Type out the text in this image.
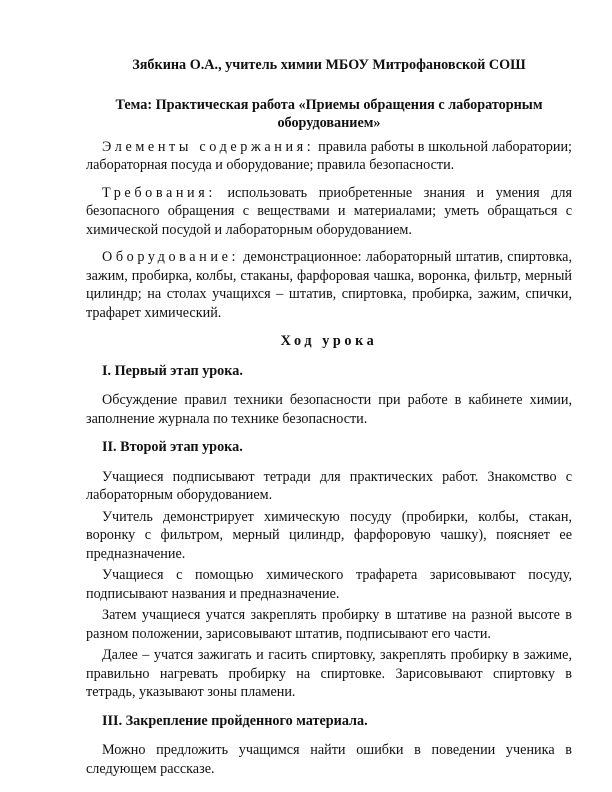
Зябкина О.А., учитель химии МБОУ Митрофановской СОШ
Тема: Практическая работа «Приемы обращения с лабораторным оборудованием»

Элементы содержания: правила работы в школьной лаборатории; лабораторная посуда и оборудование; правила безопасности.

Требования: использовать приобретенные знания и умения для безопасного обращения с веществами и материалами; уметь обращаться с химической посудой и лабораторным оборудованием.

Оборудование: демонстрационное: лабораторный штатив, спиртовка, зажим, пробирка, колбы, стаканы, фарфоровая чашка, воронка, фильтр, мерный цилиндр; на столах учащихся – штатив, спиртовка, пробирка, зажим, спички, трафарет химический.

Ход урока
I. Первый этап урока.

Обсуждение правил техники безопасности при работе в кабинете химии, заполнение журнала по технике безопасности.

II. Второй этап урока.

Учащиеся подписывают тетради для практических работ. Знакомство с лабораторным оборудованием.

Учитель демонстрирует химическую посуду (пробирки, колбы, стакан, воронку с фильтром, мерный цилиндр, фарфоровую чашку), поясняет ее предназначение.

Учащиеся с помощью химического трафарета зарисовывают посуду, подписывают названия и предназначение.

Затем учащиеся учатся закреплять пробирку в штативе на разной высоте в разном положении, зарисовывают штатив, подписывают его части.

Далее – учатся зажигать и гасить спиртовку, закреплять пробирку в зажиме, правильно нагревать пробирку на спиртовке. Зарисовывают спиртовку в тетрадь, указывают зоны пламени.

III. Закрепление пройденного материала.

Можно предложить учащимся найти ошибки в поведении ученика в следующем рассказе.
